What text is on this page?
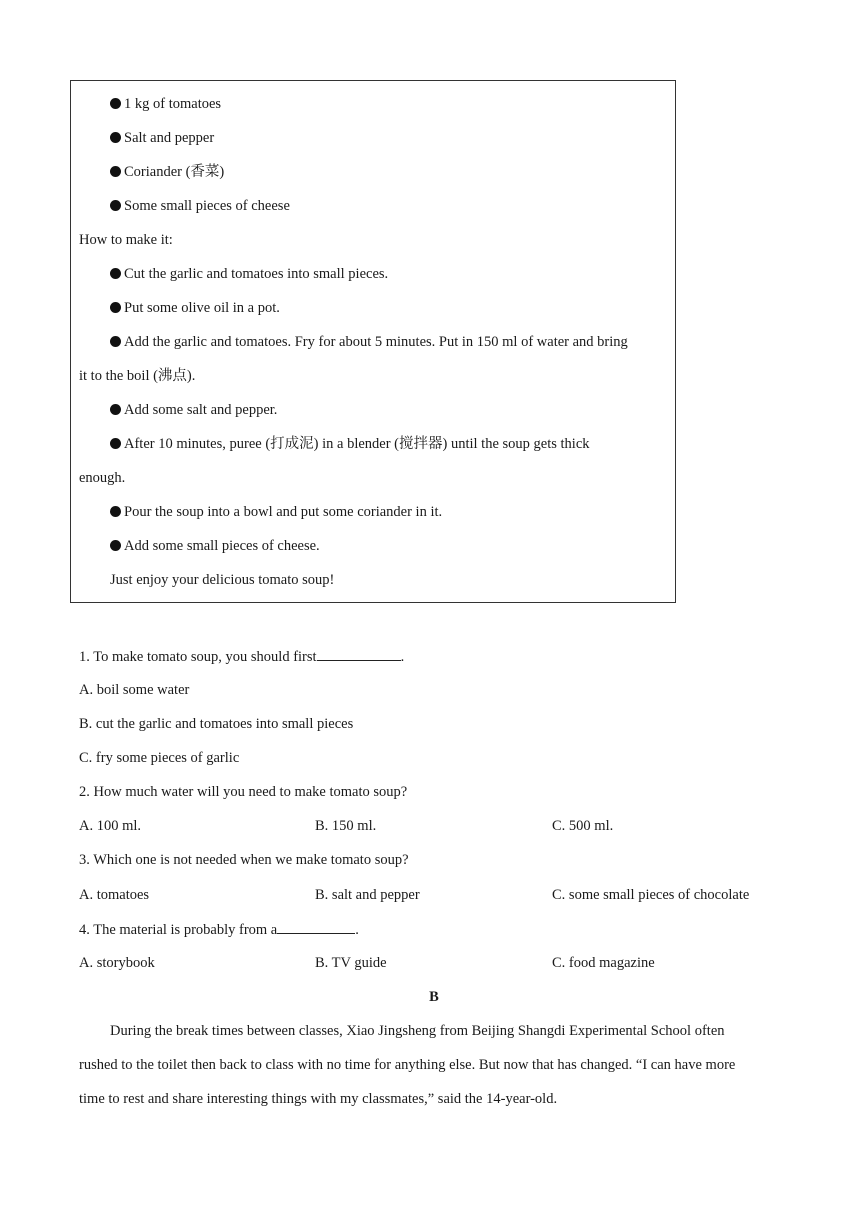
1 kg of tomatoes
Salt and pepper
Coriander (香菜)
Some small pieces of cheese
How to make it:
Cut the garlic and tomatoes into small pieces.
Put some olive oil in a pot.
Add the garlic and tomatoes. Fry for about 5 minutes. Put in 150 ml of water and bring
it to the boil (沸点).
Add some salt and pepper.
After 10 minutes, puree (打成泥) in a blender (搅拌器) until the soup gets thick
enough.
Pour the soup into a bowl and put some coriander in it.
Add some small pieces of cheese.
Just enjoy your delicious tomato soup!
1. To make tomato soup, you should first	.
A. boil some water
B. cut the garlic and tomatoes into small pieces
C. fry some pieces of garlic
2. How much water will you need to make tomato soup?
A. 100 ml.	B. 150 ml.	C. 500 ml.
3. Which one is not needed when we make tomato soup?
A. tomatoes	B. salt and pepper	C. some small pieces of chocolate
4. The material is probably from a	.
A. storybook	B. TV guide	C. food magazine
B
During the break times between classes, Xiao Jingsheng from Beijing Shangdi Experimental School often
rushed to the toilet then back to class with no time for anything else. But now that has changed. “I can have more
time to rest and share interesting things with my classmates,” said the 14-year-old.
